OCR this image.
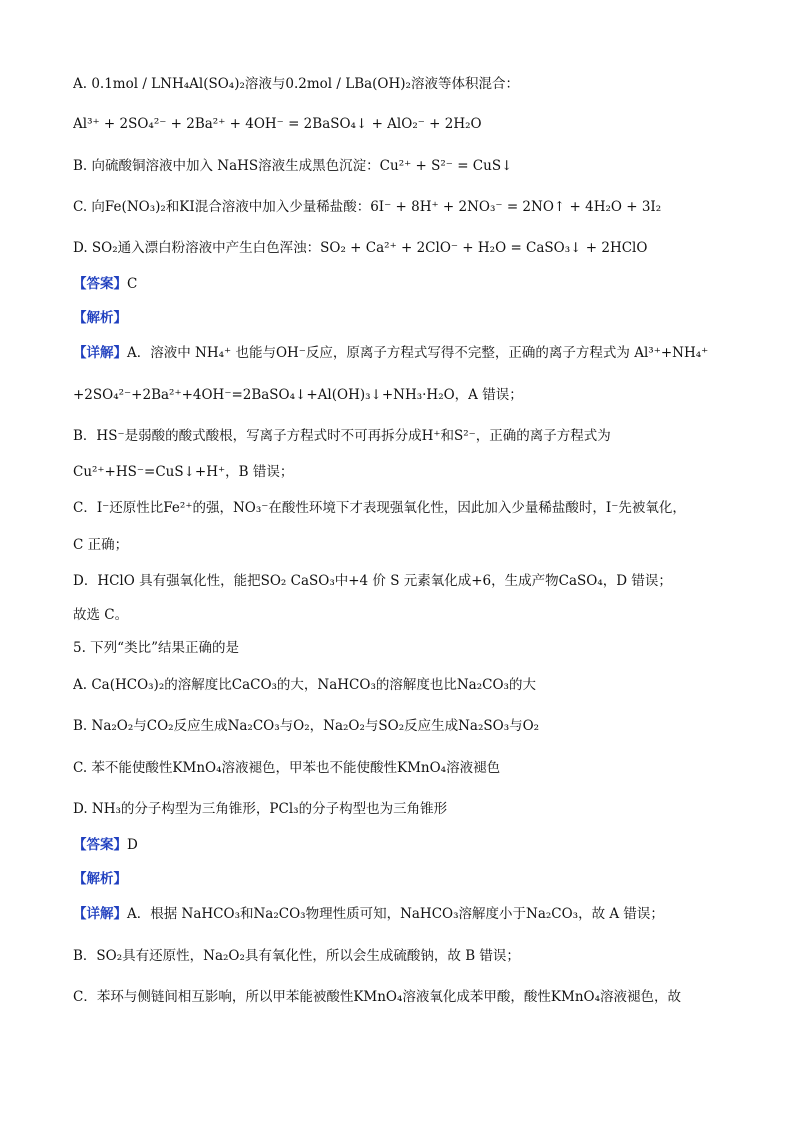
A. 0.1mol / LNH₄Al(SO₄)₂溶液与0.2mol / LBa(OH)₂溶液等体积混合：
Al³⁺ + 2SO₄²⁻ + 2Ba²⁺ + 4OH⁻ = 2BaSO₄↓ + AlO₂⁻ + 2H₂O
B. 向硫酸铜溶液中加入 NaHS溶液生成黑色沉淀：Cu²⁺ + S²⁻ = CuS↓
C. 向Fe(NO₃)₂和KI混合溶液中加入少量稀盐酸：6I⁻ + 8H⁺ + 2NO₃⁻ = 2NO↑ + 4H₂O + 3I₂
D. SO₂通入漂白粉溶液中产生白色浑浊：SO₂ + Ca²⁺ + 2ClO⁻ + H₂O = CaSO₃↓ + 2HClO
【答案】C
【解析】
【详解】A．溶液中 NH₄⁺ 也能与OH⁻反应，原离子方程式写得不完整，正确的离子方程式为 Al³⁺+NH₄⁺
+2SO₄²⁻+2Ba²⁺+4OH⁻=2BaSO₄↓+Al(OH)₃↓+NH₃·H₂O，A 错误；
B．HS⁻是弱酸的酸式酸根，写离子方程式时不可再拆分成H⁺和S²⁻，正确的离子方程式为
Cu²⁺+HS⁻=CuS↓+H⁺，B 错误；
C．I⁻还原性比Fe²⁺的强，NO₃⁻在酸性环境下才表现强氧化性，因此加入少量稀盐酸时，I⁻先被氧化，
C 正确；
D．HClO 具有强氧化性，能把SO₂ CaSO₃中+4 价 S 元素氧化成+6，生成产物CaSO₄，D 错误；
故选 C。
5. 下列“类比”结果正确的是
A. Ca(HCO₃)₂的溶解度比CaCO₃的大，NaHCO₃的溶解度也比Na₂CO₃的大
B. Na₂O₂与CO₂反应生成Na₂CO₃与O₂，Na₂O₂与SO₂反应生成Na₂SO₃与O₂
C. 苯不能使酸性KMnO₄溶液褪色，甲苯也不能使酸性KMnO₄溶液褪色
D. NH₃的分子构型为三角锥形，PCl₃的分子构型也为三角锥形
【答案】D
【解析】
【详解】A．根据 NaHCO₃和Na₂CO₃物理性质可知，NaHCO₃溶解度小于Na₂CO₃，故 A 错误；
B．SO₂具有还原性，Na₂O₂具有氧化性，所以会生成硫酸钠，故 B 错误；
C．苯环与侧链间相互影响，所以甲苯能被酸性KMnO₄溶液氧化成苯甲酸，酸性KMnO₄溶液褪色，故
